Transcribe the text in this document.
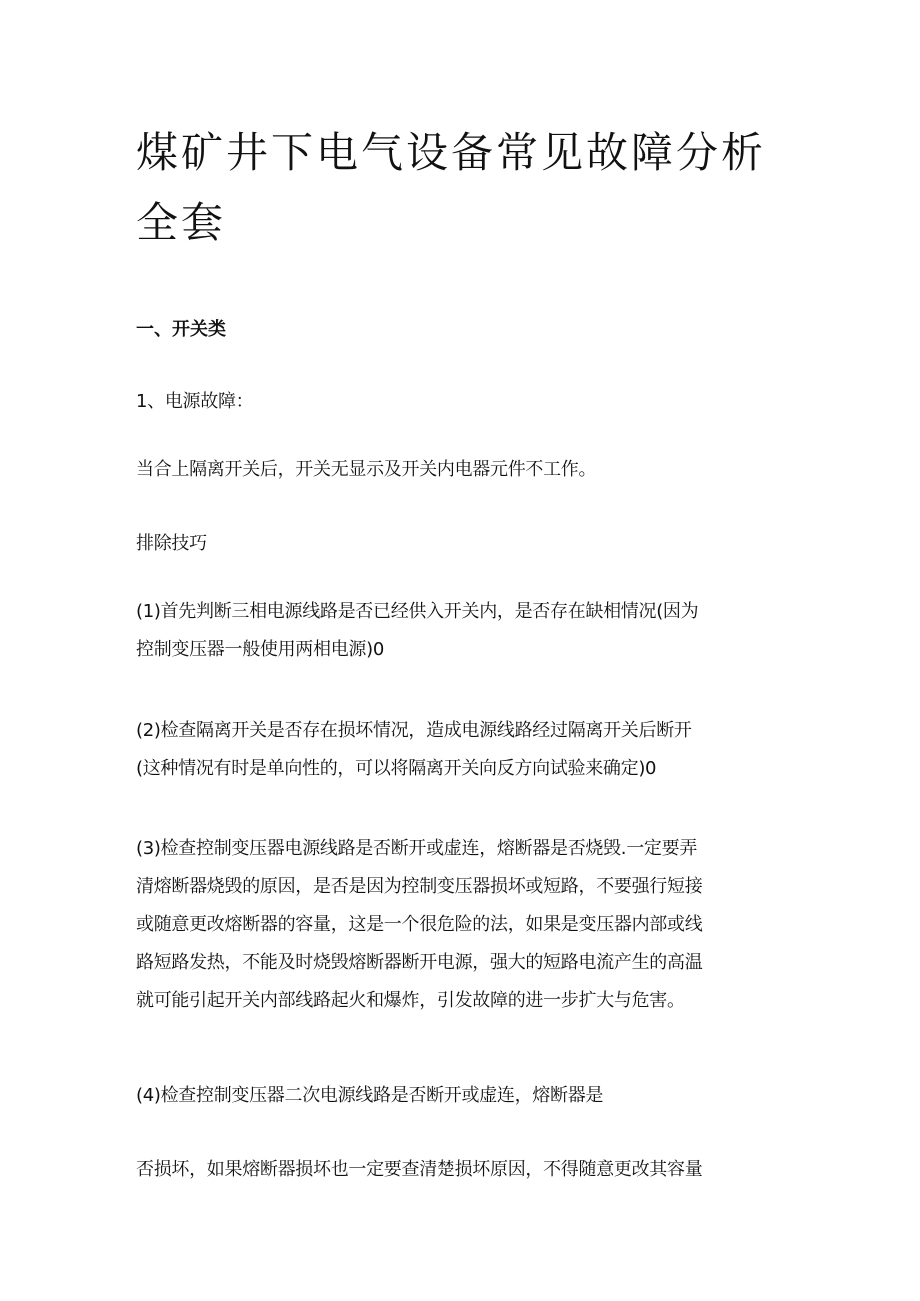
煤矿井下电气设备常见故障分析全套
一、开关类

1、电源故障：

当合上隔离开关后，开关无显示及开关内电器元件不工作。

排除技巧

(1)首先判断三相电源线路是否已经供入开关内，是否存在缺相情况(因为
控制变压器一般使用两相电源)0

(2)检查隔离开关是否存在损坏情况，造成电源线路经过隔离开关后断开
(这种情况有时是单向性的，可以将隔离开关向反方向试验来确定)0

(3)检查控制变压器电源线路是否断开或虚连，熔断器是否烧毁.一定要弄
清熔断器烧毁的原因，是否是因为控制变压器损坏或短路，不要强行短接
或随意更改熔断器的容量，这是一个很危险的法，如果是变压器内部或线
路短路发热，不能及时烧毁熔断器断开电源，强大的短路电流产生的高温
就可能引起开关内部线路起火和爆炸，引发故障的进一步扩大与危害。

(4)检查控制变压器二次电源线路是否断开或虚连，熔断器是

否损坏，如果熔断器损坏也一定要查清楚损坏原因，不得随意更改其容量
